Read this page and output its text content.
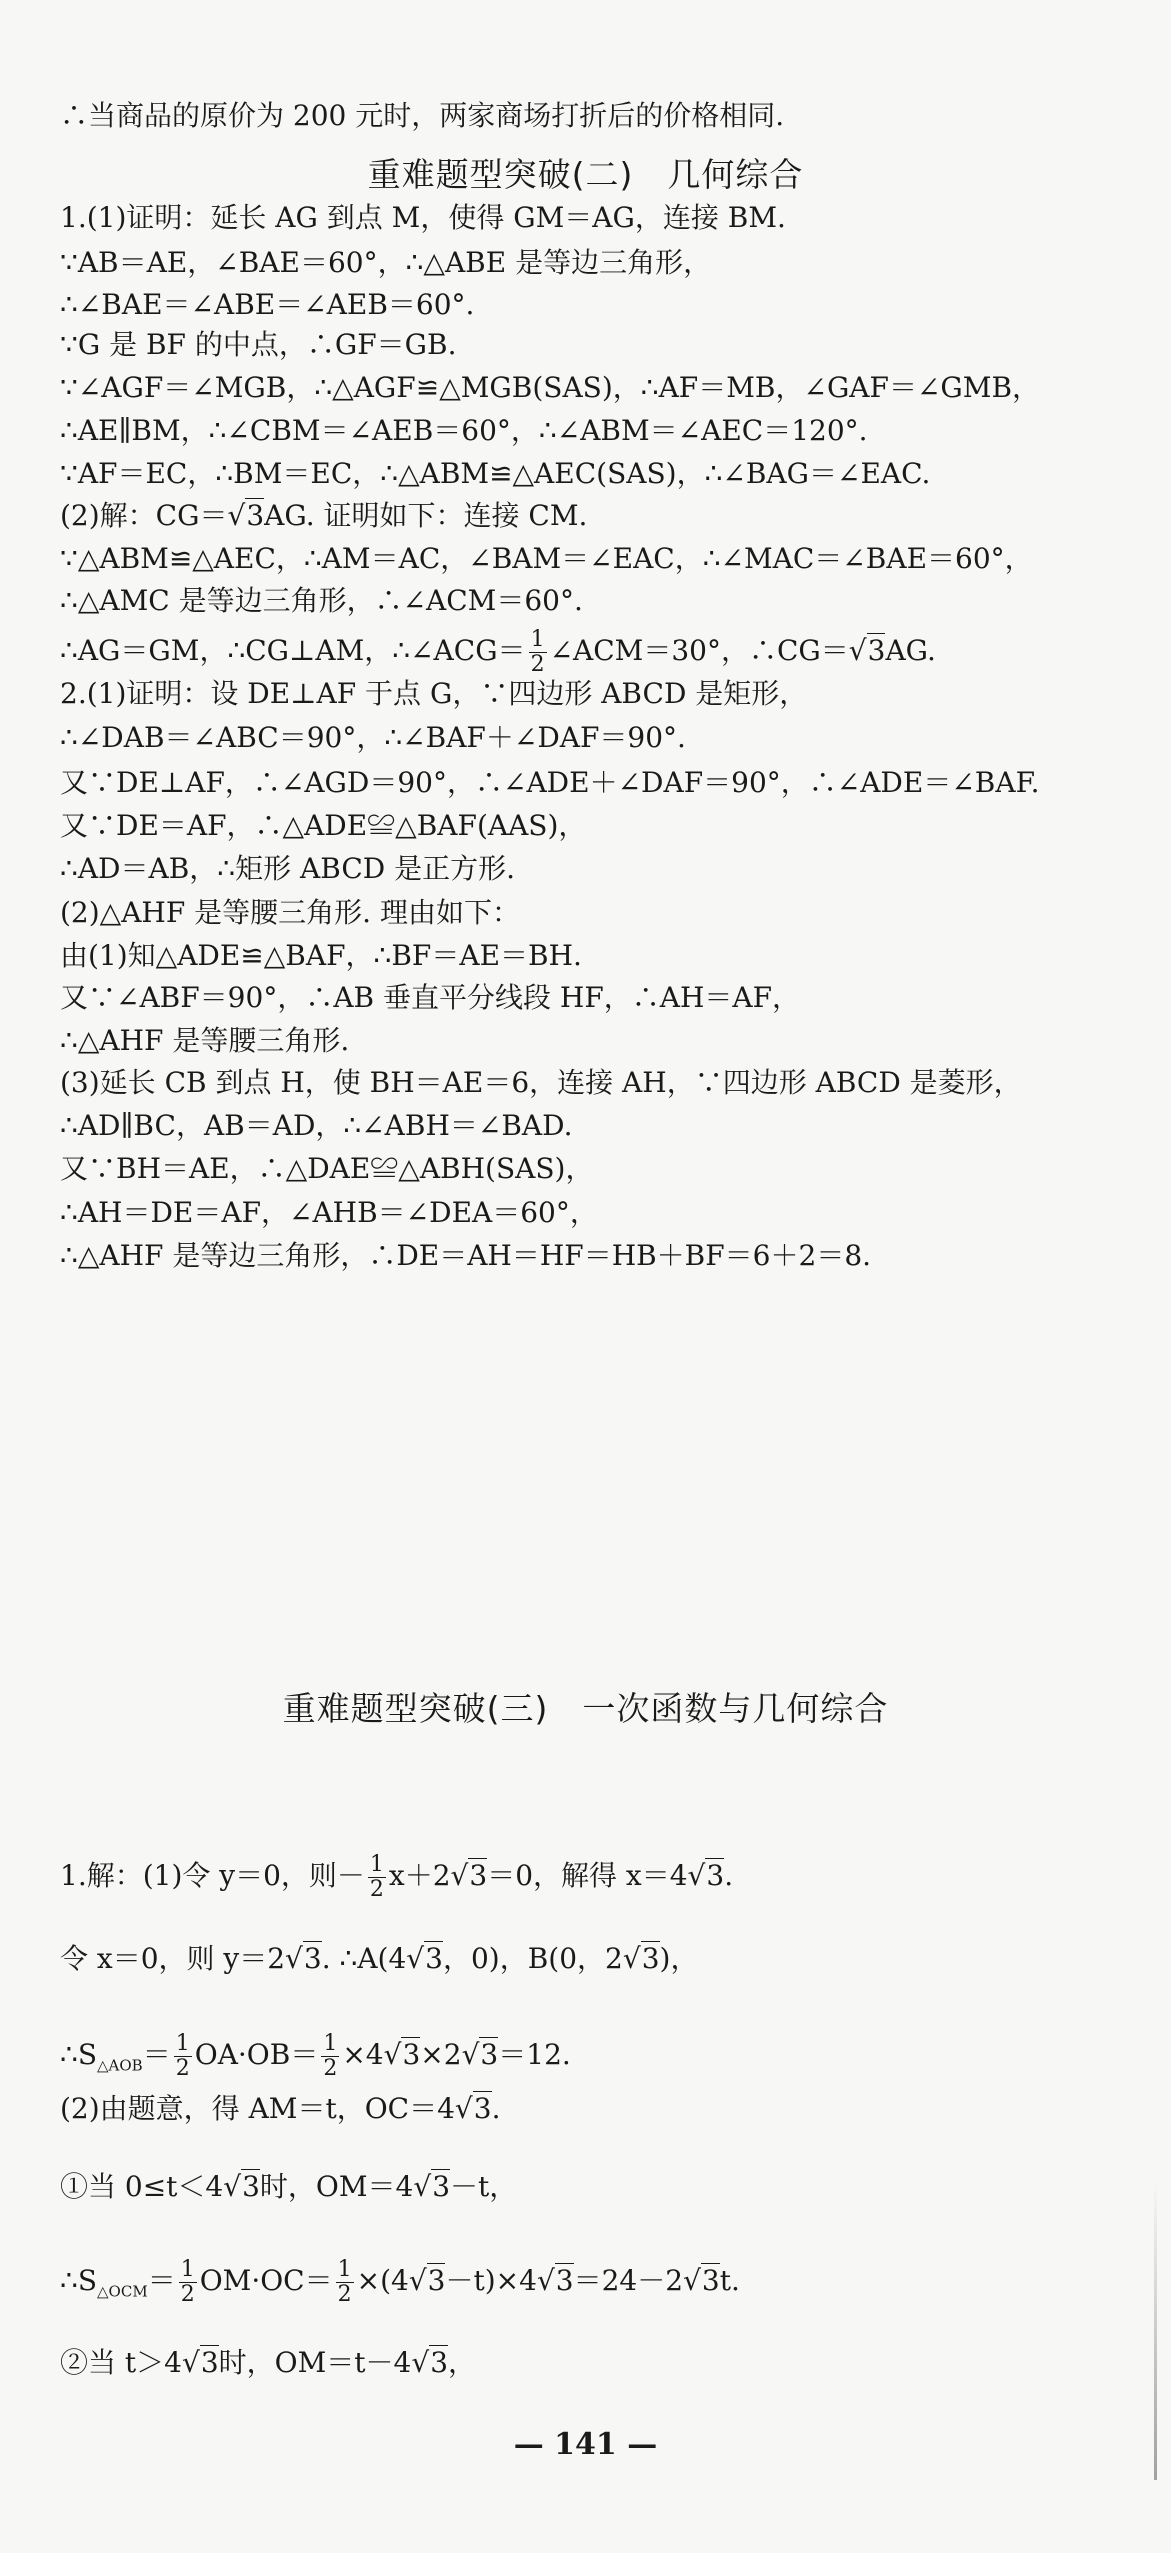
∴当商品的原价为 200 元时，两家商场打折后的价格相同.
重难题型突破(二)　几何综合
1.(1)证明：延长 AG 到点 M，使得 GM＝AG，连接 BM.
∵AB＝AE，∠BAE＝60°，∴△ABE 是等边三角形，
∴∠BAE＝∠ABE＝∠AEB＝60°.
∵G 是 BF 的中点，∴GF＝GB.
∵∠AGF＝∠MGB，∴△AGF≌△MGB(SAS)，∴AF＝MB，∠GAF＝∠GMB，
∴AE∥BM，∴∠CBM＝∠AEB＝60°，∴∠ABM＝∠AEC＝120°.
∵AF＝EC，∴BM＝EC，∴△ABM≌△AEC(SAS)，∴∠BAG＝∠EAC.
(2)解：CG＝√3AG. 证明如下：连接 CM.
∵△ABM≌△AEC，∴AM＝AC，∠BAM＝∠EAC，∴∠MAC＝∠BAE＝60°，
∴△AMC 是等边三角形，∴∠ACM＝60°.
∴AG＝GM，∴CG⊥AM，∴∠ACG＝ $\frac{1}{2}$ ∠ACM＝30°，∴CG＝√3AG.
2.(1)证明：设 DE⊥AF 于点 G，∵四边形 ABCD 是矩形，
∴∠DAB＝∠ABC＝90°，∴∠BAF＋∠DAF＝90°.
又∵DE⊥AF，∴∠AGD＝90°，∴∠ADE＋∠DAF＝90°，∴∠ADE＝∠BAF.
又∵DE＝AF，∴△ADE≌△BAF(AAS)，
∴AD＝AB，∴矩形 ABCD 是正方形.
(2)△AHF 是等腰三角形. 理由如下：
由(1)知△ADE≌△BAF，∴BF＝AE＝BH.
又∵∠ABF＝90°，∴AB 垂直平分线段 HF，∴AH＝AF，
∴△AHF 是等腰三角形.
(3)延长 CB 到点 H，使 BH＝AE＝6，连接 AH，∵四边形 ABCD 是菱形，
∴AD∥BC，AB＝AD，∴∠ABH＝∠BAD.
又∵BH＝AE，∴△DAE≌△ABH(SAS)，
∴AH＝DE＝AF，∠AHB＝∠DEA＝60°，
∴△AHF 是等边三角形，∴DE＝AH＝HF＝HB＋BF＝6＋2＝8.
重难题型突破(三)　一次函数与几何综合
1.解：(1)令 y＝0，则－ $\frac{1}{2} x+2√3=0$，解得 x＝4√3.
令 x＝0，则 y＝2√3. ∴A(4√3，0)，B(0，2√3)，
$\therefore S_{\triangle AOB}= \frac{1}{2} OA\cdot OB= \frac{1}{2} \times 4√3\times 2√3=12$.
(2)由题意，得 AM＝t，OC＝4√3.
①当 0≤t＜4√3时，OM＝4√3－t，
$\therefore S_{\triangle OCM}= \frac{1}{2} OM\cdot OC= \frac{1}{2} \times(4√3-t)\times 4√3=24-2√3t$.
②当 t＞4√3时，OM＝t－4√3，
— 141 —
